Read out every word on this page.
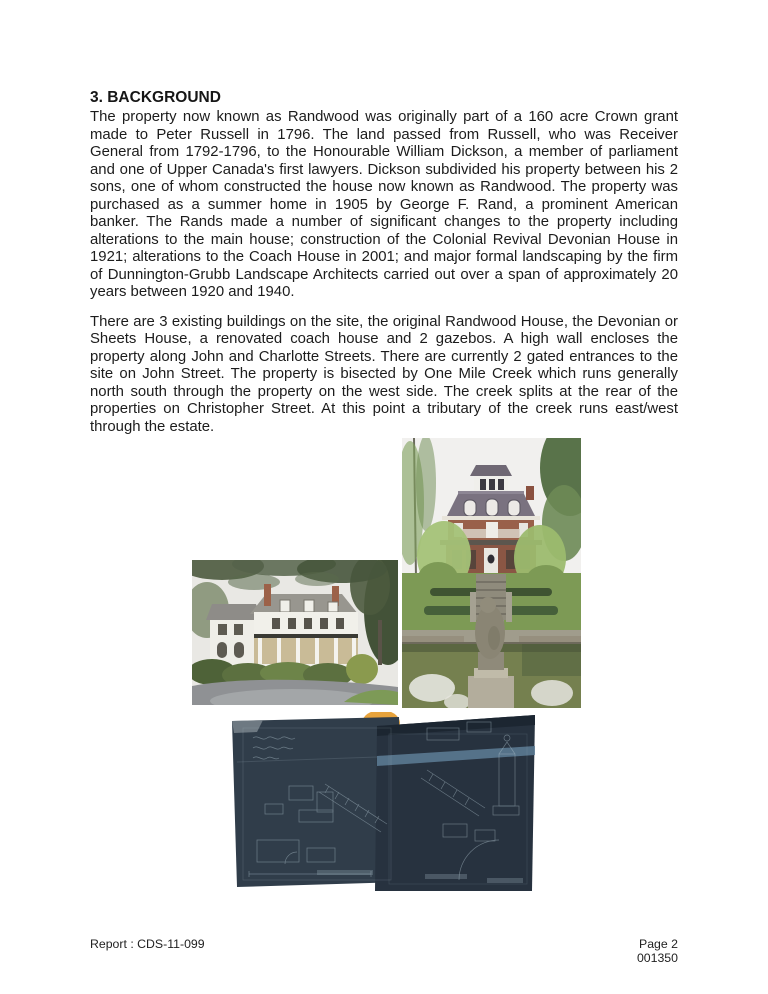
3. BACKGROUND

The property now known as Randwood was originally part of a 160 acre Crown grant made to Peter Russell in 1796. The land passed from Russell, who was Receiver General from 1792-1796, to the Honourable William Dickson, a member of parliament and one of Upper Canada's first lawyers. Dickson subdivided his property between his 2 sons, one of whom constructed the house now known as Randwood. The property was purchased as a summer home in 1905 by George F. Rand, a prominent American banker. The Rands made a number of significant changes to the property including alterations to the main house; construction of the Colonial Revival Devonian House in 1921; alterations to the Coach House in 2001; and major formal landscaping by the firm of Dunnington-Grubb Landscape Architects carried out over a span of approximately 20 years between 1920 and 1940.

There are 3 existing buildings on the site, the original Randwood House, the Devonian or Sheets House, a renovated coach house and 2 gazebos. A high wall encloses the property along John and Charlotte Streets. There are currently 2 gated entrances to the site on John Street. The property is bisected by One Mile Creek which runs generally north south through the property on the west side. The creek splits at the rear of the properties on Christopher Street. At this point a tributary of the creek runs east/west through the estate.

Report : CDS-11-099	Page 2
001350
